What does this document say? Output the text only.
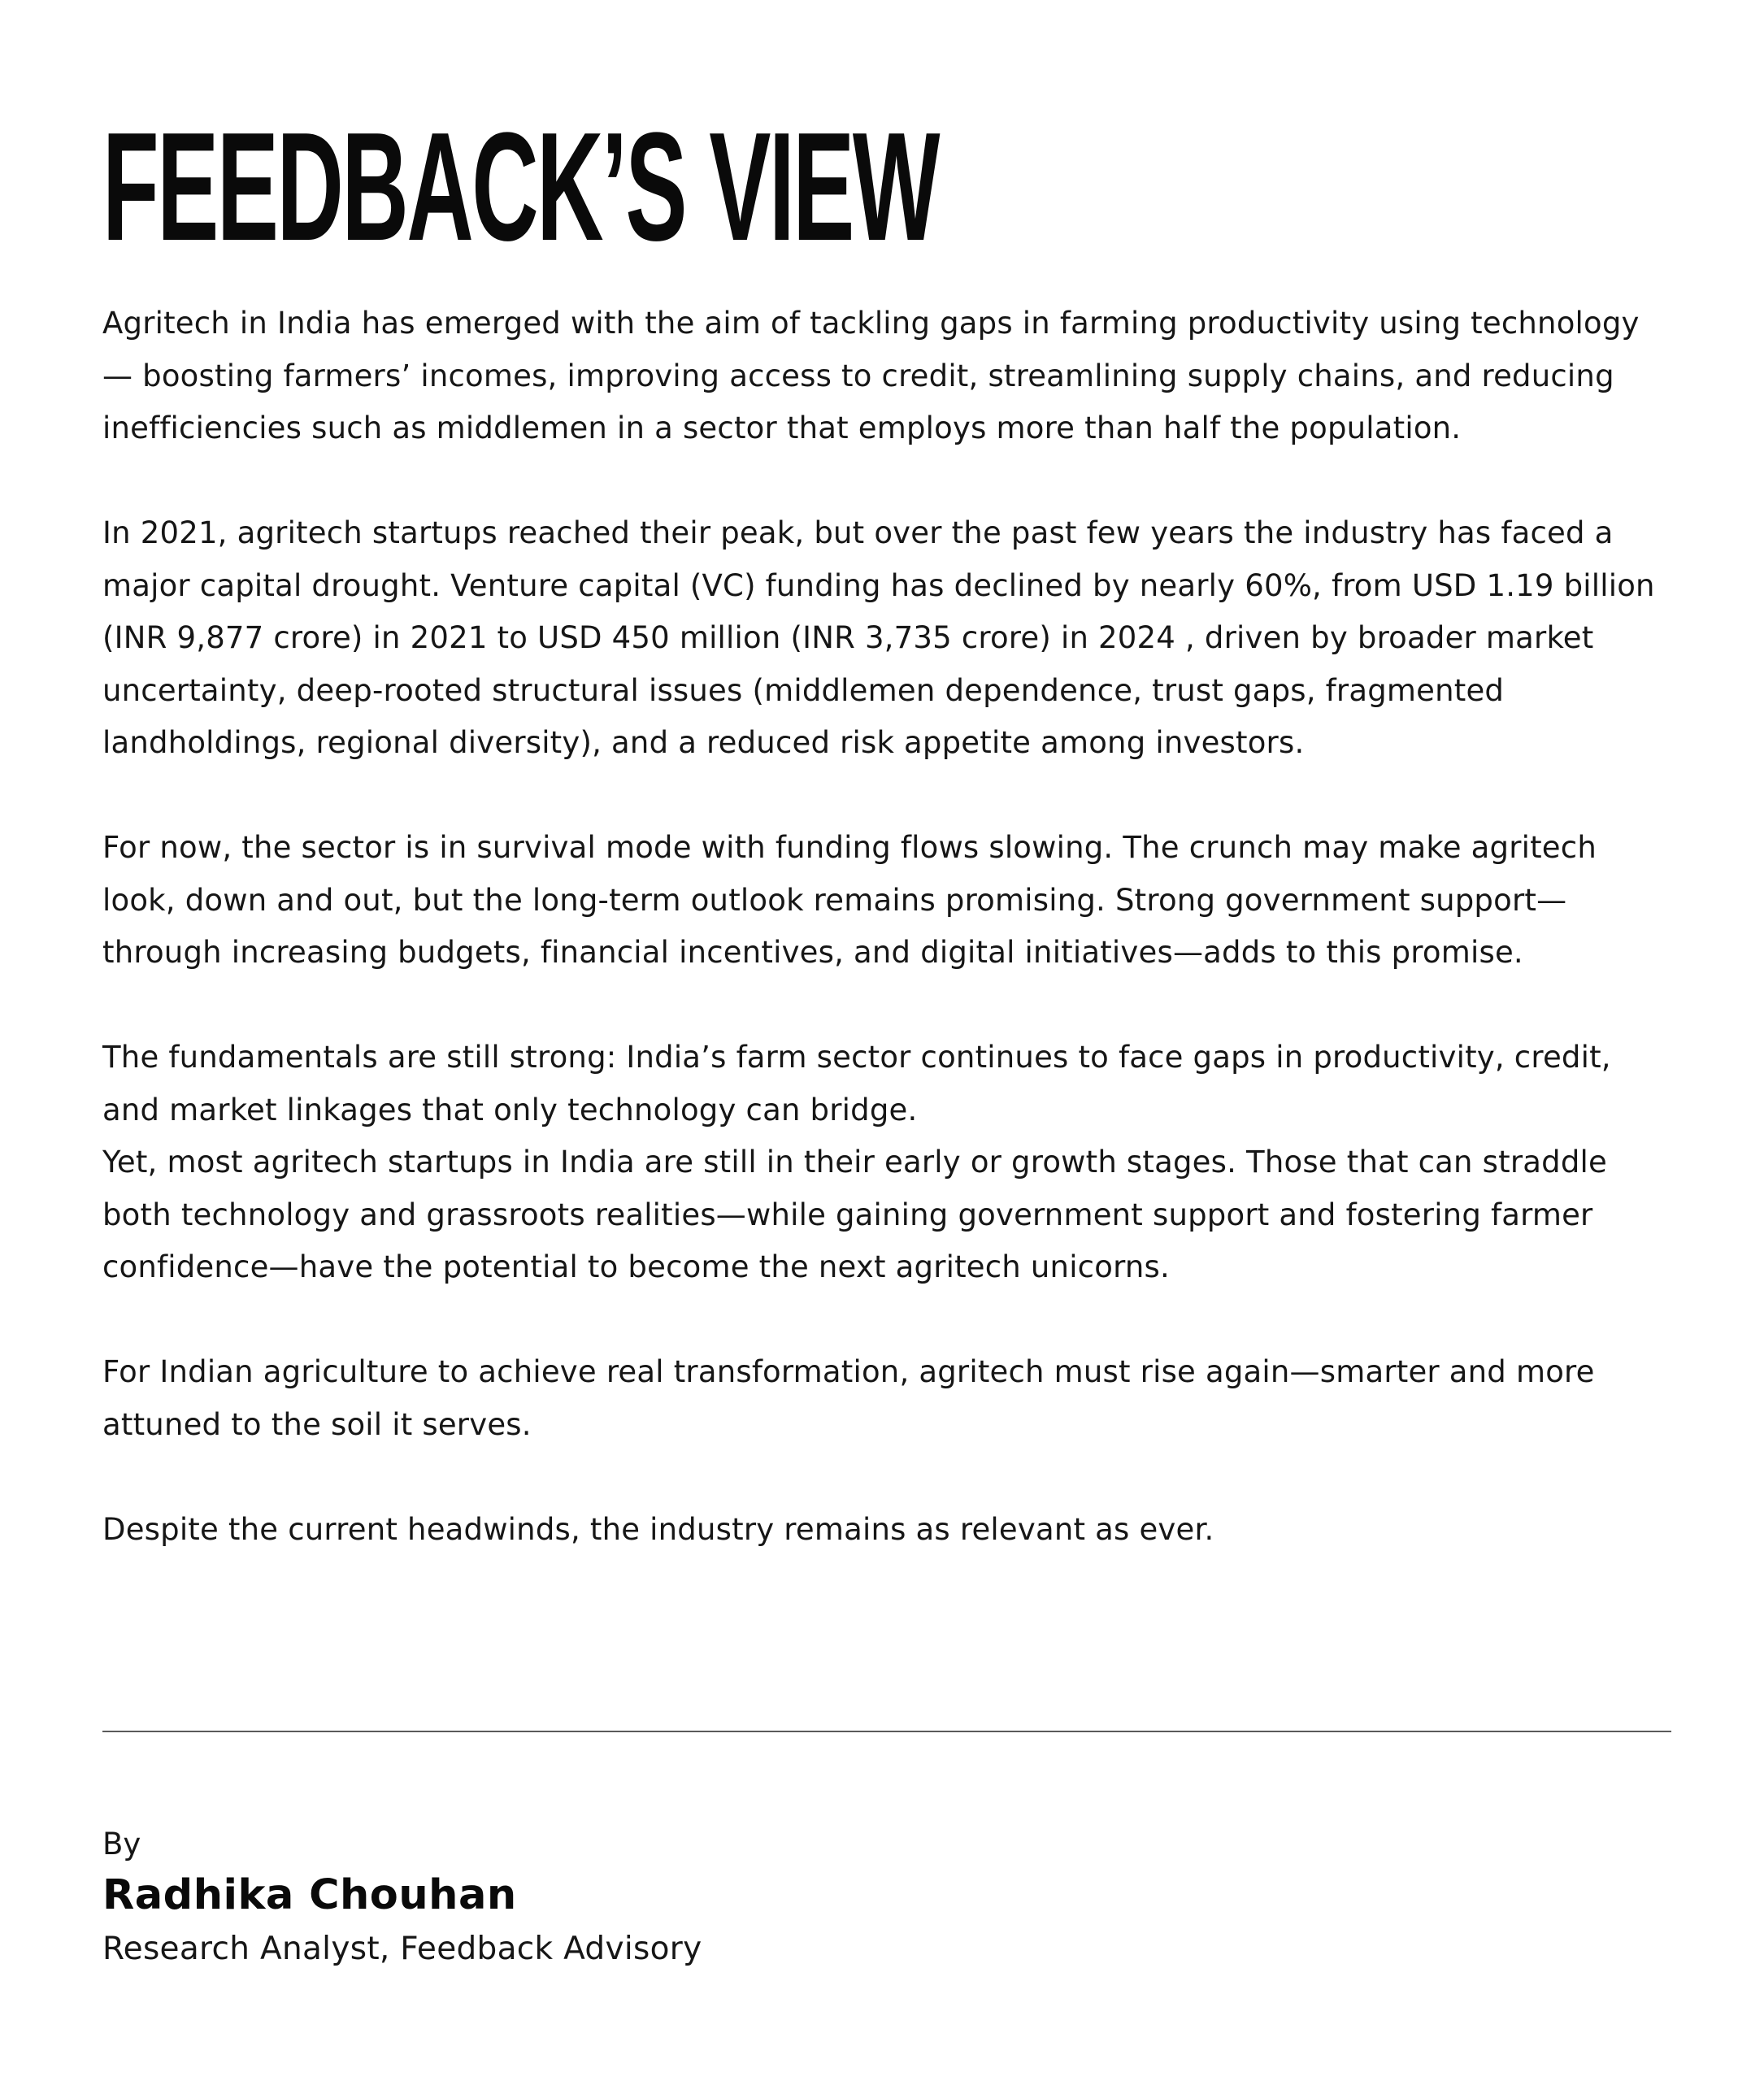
FEEDBACK’S VIEW

Agritech in India has emerged with the aim of tackling gaps in farming productivity using technology — boosting farmers’ incomes, improving access to credit, streamlining supply chains, and reducing inefficiencies such as middlemen in a sector that employs more than half the population.

In 2021, agritech startups reached their peak, but over the past few years the industry has faced a major capital drought. Venture capital (VC) funding has declined by nearly 60%, from USD 1.19 billion (INR 9,877 crore) in 2021 to USD 450 million (INR 3,735 crore) in 2024 , driven by broader market uncertainty, deep-rooted structural issues (middlemen dependence, trust gaps, fragmented landholdings, regional diversity), and a reduced risk appetite among investors.

For now, the sector is in survival mode with funding flows slowing. The crunch may make agritech look, down and out, but the long-term outlook remains promising. Strong government support—through increasing budgets, financial incentives, and digital initiatives—adds to this promise.

The fundamentals are still strong: India’s farm sector continues to face gaps in productivity, credit, and market linkages that only technology can bridge.

Yet, most agritech startups in India are still in their early or growth stages. Those that can straddle both technology and grassroots realities—while gaining government support and fostering farmer confidence—have the potential to become the next agritech unicorns.

For Indian agriculture to achieve real transformation, agritech must rise again—smarter and more attuned to the soil it serves.

Despite the current headwinds, the industry remains as relevant as ever.

By
Radhika Chouhan
Research Analyst, Feedback Advisory
